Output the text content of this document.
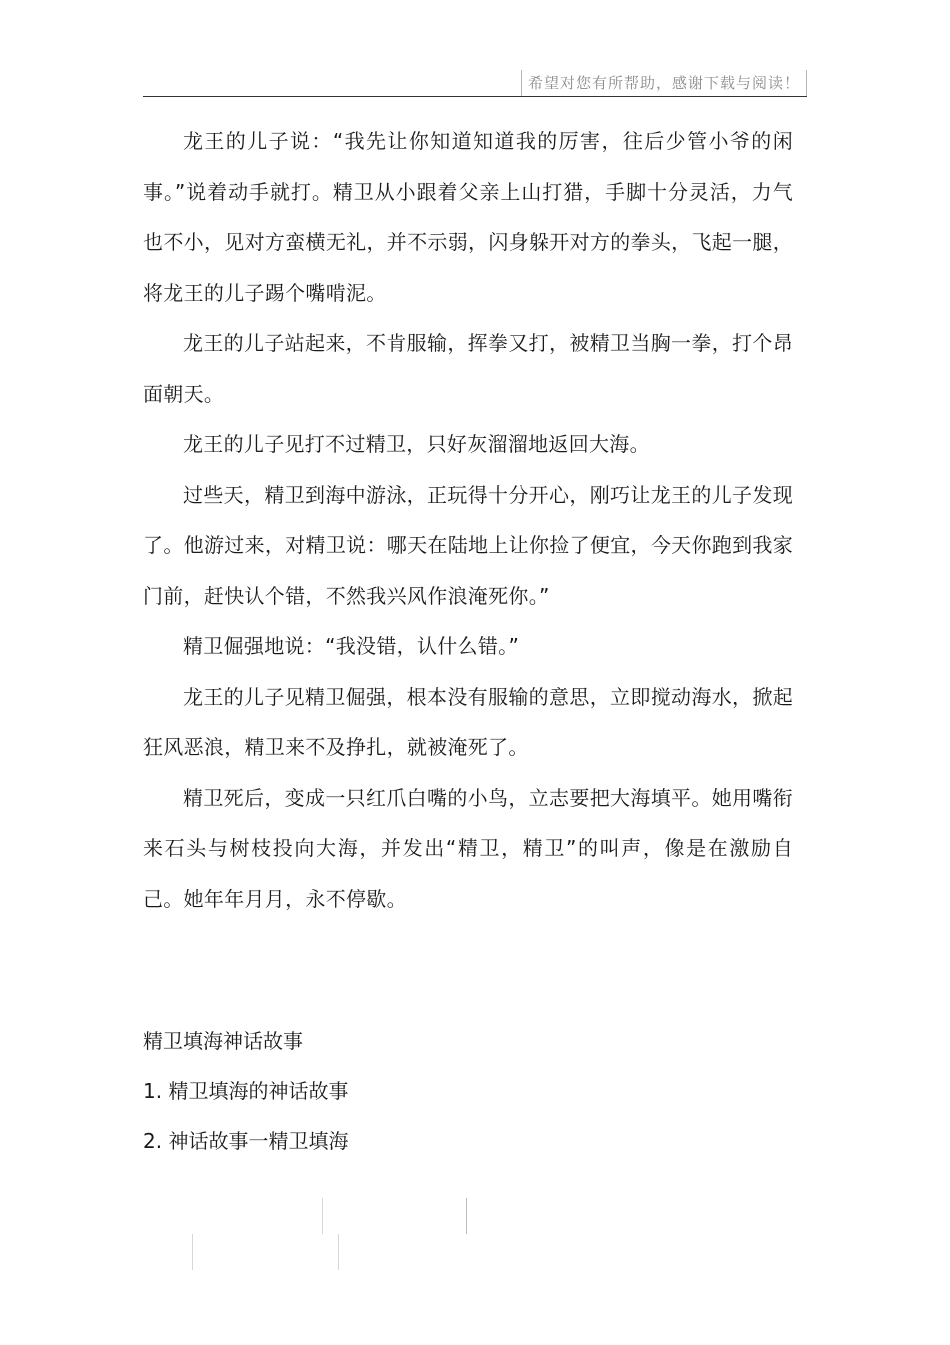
希望对您有所帮助，感谢下载与阅读！

龙王的儿子说：“我先让你知道知道我的厉害，往后少管小爷的闲事。”说着动手就打。精卫从小跟着父亲上山打猎，手脚十分灵活，力气也不小，见对方蛮横无礼，并不示弱，闪身躲开对方的拳头，飞起一腿，将龙王的儿子踢个嘴啃泥。

龙王的儿子站起来，不肯服输，挥拳又打，被精卫当胸一拳，打个昂面朝天。

龙王的儿子见打不过精卫，只好灰溜溜地返回大海。

过些天，精卫到海中游泳，正玩得十分开心，刚巧让龙王的儿子发现了。他游过来，对精卫说：哪天在陆地上让你捡了便宜，今天你跑到我家门前，赶快认个错，不然我兴风作浪淹死你。”

精卫倔强地说：“我没错，认什么错。”

龙王的儿子见精卫倔强，根本没有服输的意思，立即搅动海水，掀起狂风恶浪，精卫来不及挣扎，就被淹死了。

精卫死后，变成一只红爪白嘴的小鸟，立志要把大海填平。她用嘴衔来石头与树枝投向大海，并发出“精卫，精卫”的叫声，像是在激励自己。她年年月月，永不停歇。

精卫填海神话故事

1. 精卫填海的神话故事
2. 神话故事一精卫填海
